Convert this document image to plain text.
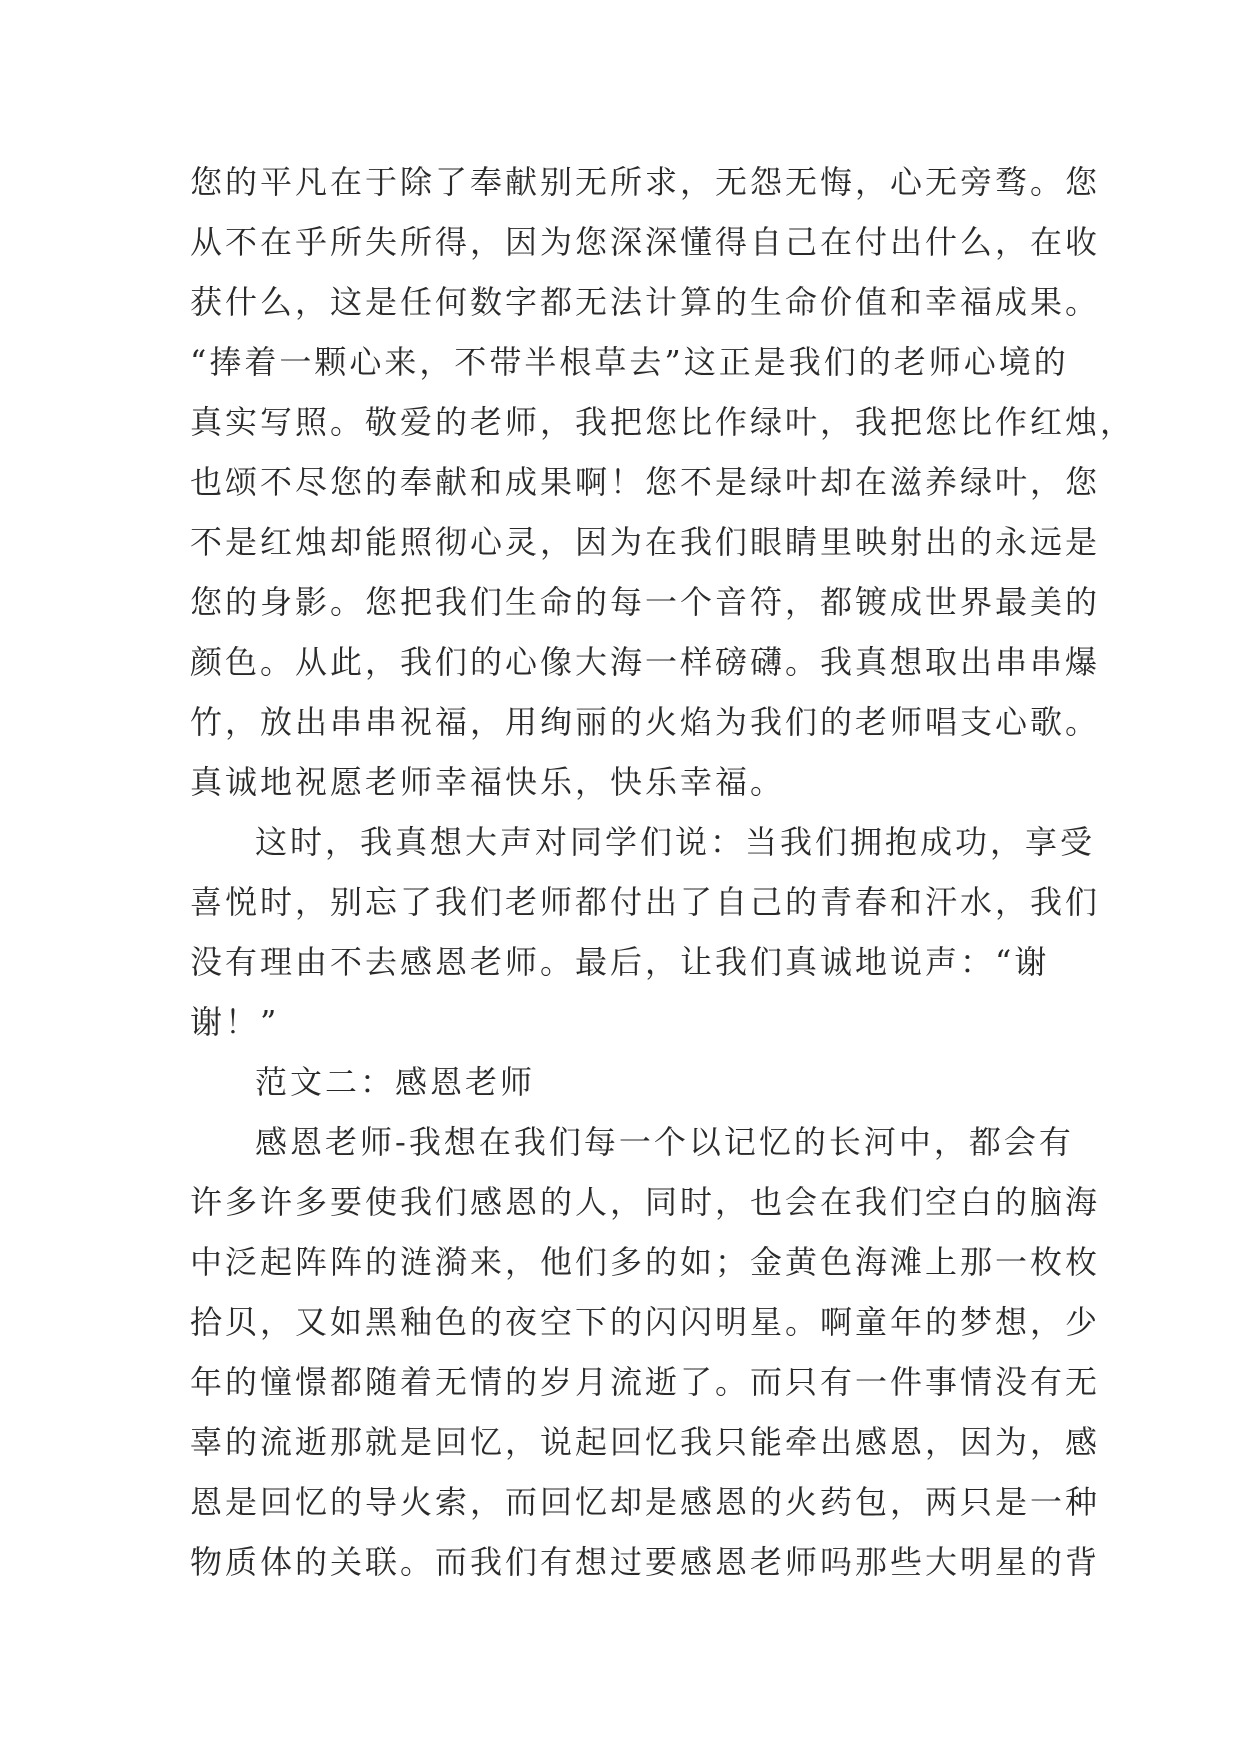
您的平凡在于除了奉献别无所求，无怨无悔，心无旁骛。您
从不在乎所失所得，因为您深深懂得自己在付出什么，在收
获什么，这是任何数字都无法计算的生命价值和幸福成果。
“捧着一颗心来，不带半根草去”这正是我们的老师心境的
真实写照。敬爱的老师，我把您比作绿叶，我把您比作红烛，
也颂不尽您的奉献和成果啊！您不是绿叶却在滋养绿叶，您
不是红烛却能照彻心灵，因为在我们眼睛里映射出的永远是
您的身影。您把我们生命的每一个音符，都镀成世界最美的
颜色。从此，我们的心像大海一样磅礴。我真想取出串串爆
竹，放出串串祝福，用绚丽的火焰为我们的老师唱支心歌。
真诚地祝愿老师幸福快乐，快乐幸福。
这时，我真想大声对同学们说：当我们拥抱成功，享受
喜悦时，别忘了我们老师都付出了自己的青春和汗水，我们
没有理由不去感恩老师。最后，让我们真诚地说声：“谢
谢！”
范文二：感恩老师
感恩老师-我想在我们每一个以记忆的长河中，都会有
许多许多要使我们感恩的人，同时，也会在我们空白的脑海
中泛起阵阵的涟漪来，他们多的如；金黄色海滩上那一枚枚
拾贝，又如黑釉色的夜空下的闪闪明星。啊童年的梦想，少
年的憧憬都随着无情的岁月流逝了。而只有一件事情没有无
辜的流逝那就是回忆，说起回忆我只能牵出感恩，因为，感
恩是回忆的导火索，而回忆却是感恩的火药包，两只是一种
物质体的关联。而我们有想过要感恩老师吗那些大明星的背
